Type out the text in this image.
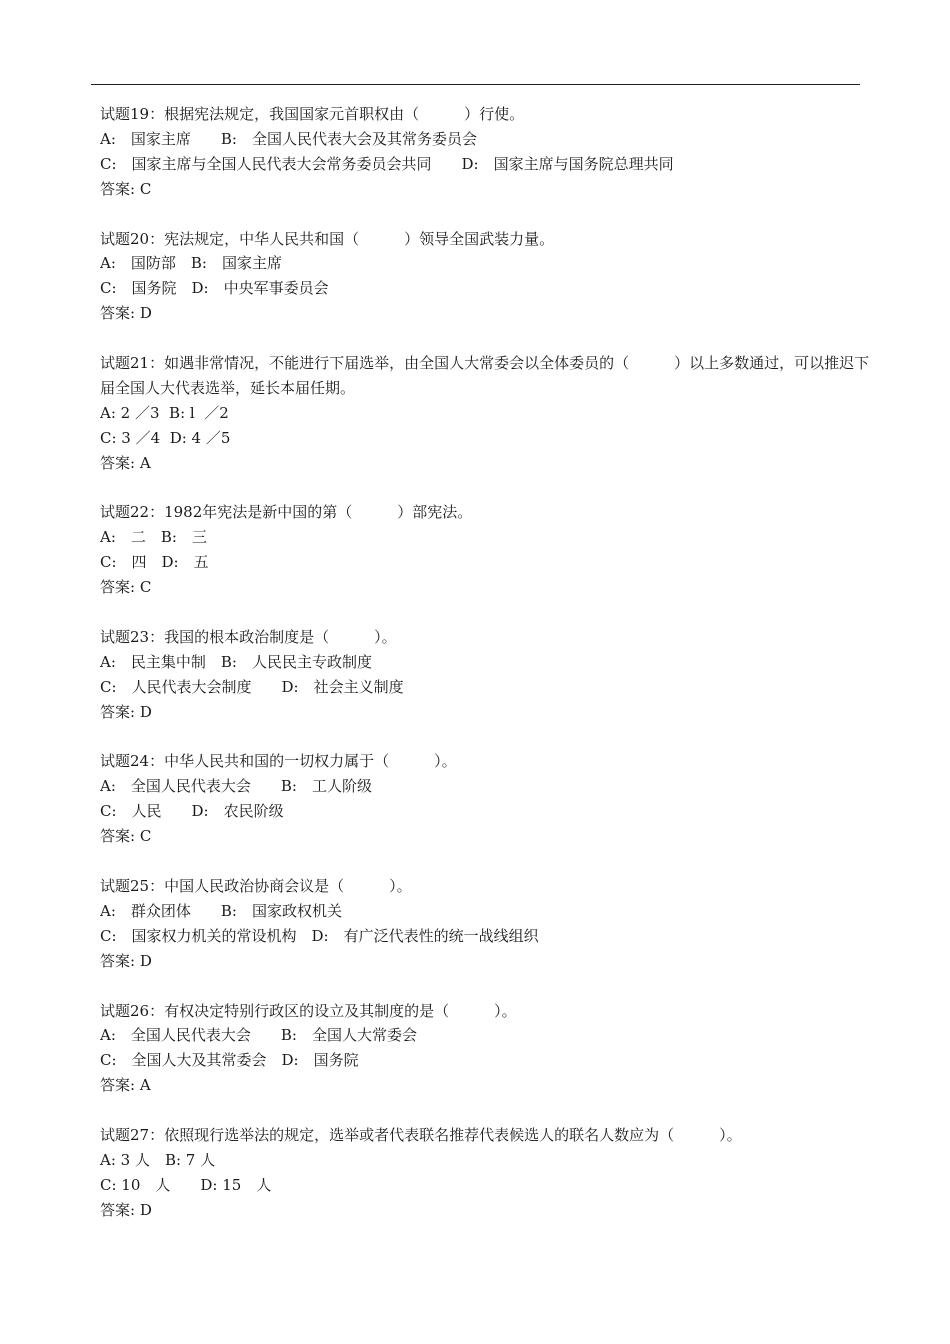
试题19：根据宪法规定，我国国家元首职权由（　　　）行使。
A:　国家主席　　B:　全国人民代表大会及其常务委员会
C:　国家主席与全国人民代表大会常务委员会共同　　D:　国家主席与国务院总理共同
答案: C
试题20：宪法规定，中华人民共和国（　　　）领导全国武装力量。
A:　国防部　B:　国家主席
C:　国务院　D:　中央军事委员会
答案: D
试题21：如遇非常情况，不能进行下届选举，由全国人大常委会以全体委员的（　　　）以上多数通过，可以推迟下届全国人大代表选举，延长本届任期。
A: 2 ／3  B: l  ／2
C: 3 ／4  D: 4 ／5
答案: A
试题22：1982年宪法是新中国的第（　　　）部宪法。
A:　二　B:　三
C:　四　D:　五
答案: C
试题23：我国的根本政治制度是（　　　）。
A:　民主集中制　B:　人民民主专政制度
C:　人民代表大会制度　　D:　社会主义制度
答案: D
试题24：中华人民共和国的一切权力属于（　　　）。
A:　全国人民代表大会　　B:　工人阶级
C:　人民　　D:　农民阶级
答案: C
试题25：中国人民政治协商会议是（　　　）。
A:　群众团体　　B:　国家政权机关
C:　国家权力机关的常设机构　D:　有广泛代表性的统一战线组织
答案: D
试题26：有权决定特别行政区的设立及其制度的是（　　　）。
A:　全国人民代表大会　　B:　全国人大常委会
C:　全国人大及其常委会　D:　国务院
答案: A
试题27：依照现行选举法的规定，选举或者代表联名推荐代表候选人的联名人数应为（　　　）。
A: 3 人　B: 7 人
C: 10　人　　D: 15　人
答案: D
